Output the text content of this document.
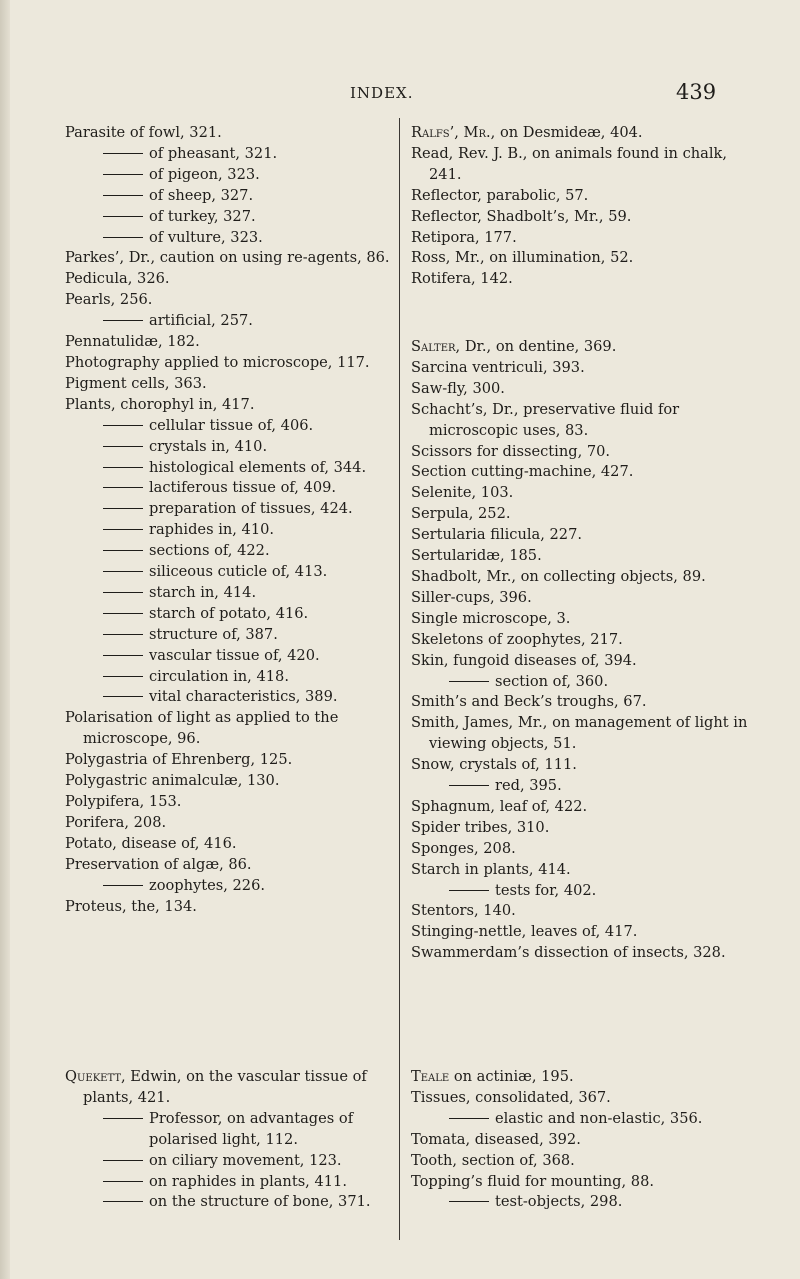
INDEX.	439
Parasite of fowl, 321.
of pheasant, 321.
of pigeon, 323.
of sheep, 327.
of turkey, 327.
of vulture, 323.
Parkes’, Dr., caution on using re-agents, 86.
Pedicula, 326.
Pearls, 256.
artificial, 257.
Pennatulidæ, 182.
Photography applied to microscope, 117.
Pigment cells, 363.
Plants, chorophyl in, 417.
cellular tissue of, 406.
crystals in, 410.
histological elements of, 344.
lactiferous tissue of, 409.
preparation of tissues, 424.
raphides in, 410.
sections of, 422.
siliceous cuticle of, 413.
starch in, 414.
starch of potato, 416.
structure of, 387.
vascular tissue of, 420.
circulation in, 418.
vital characteristics, 389.
Polarisation of light as applied to the microscope, 96.
Polygastria of Ehrenberg, 125.
Polygastric animalculæ, 130.
Polypifera, 153.
Porifera, 208.
Potato, disease of, 416.
Preservation of algæ, 86.
zoophytes, 226.
Proteus, the, 134.
Quekett, Edwin, on the vascular tissue of plants, 421.
Professor, on advantages of polarised light, 112.
on ciliary movement, 123.
on raphides in plants, 411.
on the structure of bone, 371.
Ralfs’, Mr., on Desmideæ, 404.
Read, Rev. J. B., on animals found in chalk, 241.
Reflector, parabolic, 57.
Reflector, Shadbolt’s, Mr., 59.
Retipora, 177.
Ross, Mr., on illumination, 52.
Rotifera, 142.
Salter, Dr., on dentine, 369.
Sarcina ventriculi, 393.
Saw-fly, 300.
Schacht’s, Dr., preservative fluid for microscopic uses, 83.
Scissors for dissecting, 70.
Section cutting-machine, 427.
Selenite, 103.
Serpula, 252.
Sertularia filicula, 227.
Sertularidæ, 185.
Shadbolt, Mr., on collecting objects, 89.
Siller-cups, 396.
Single microscope, 3.
Skeletons of zoophytes, 217.
Skin, fungoid diseases of, 394.
section of, 360.
Smith’s and Beck’s troughs, 67.
Smith, James, Mr., on management of light in viewing objects, 51.
Snow, crystals of, 111.
red, 395.
Sphagnum, leaf of, 422.
Spider tribes, 310.
Sponges, 208.
Starch in plants, 414.
tests for, 402.
Stentors, 140.
Stinging-nettle, leaves of, 417.
Swammerdam’s dissection of insects, 328.
Teale on actiniæ, 195.
Tissues, consolidated, 367.
elastic and non-elastic, 356.
Tomata, diseased, 392.
Tooth, section of, 368.
Topping’s fluid for mounting, 88.
test-objects, 298.
